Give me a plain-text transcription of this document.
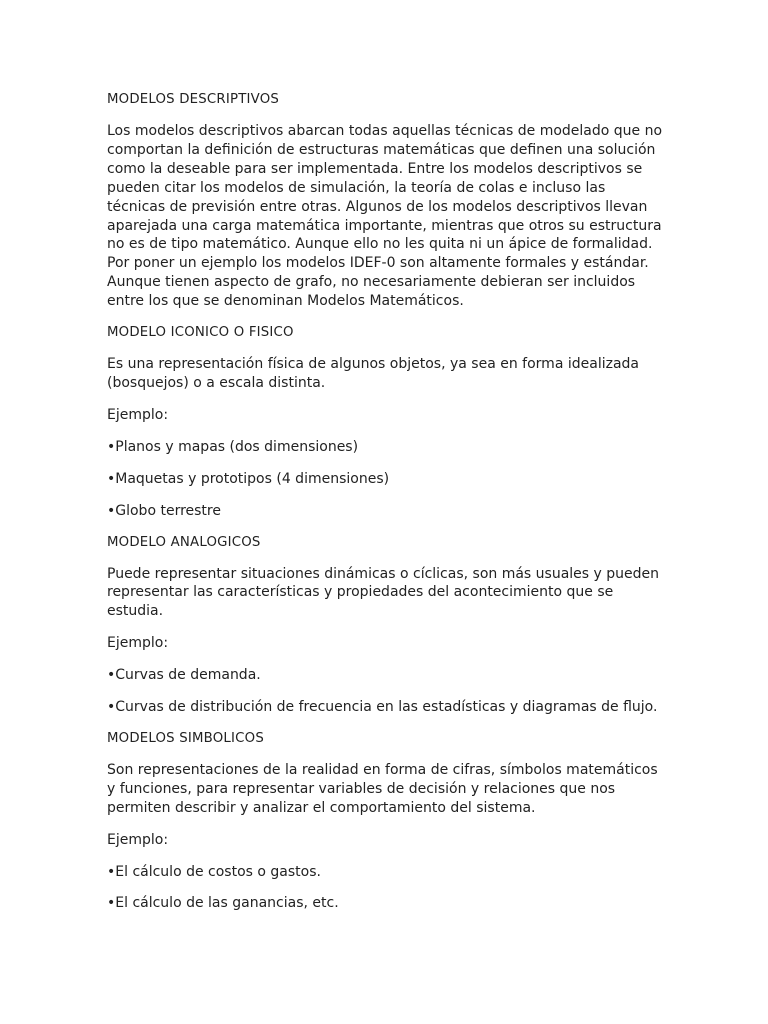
MODELOS DESCRIPTIVOS

Los modelos descriptivos abarcan todas aquellas técnicas de modelado que no comportan la definición de estructuras matemáticas que definen una solución como la deseable para ser implementada. Entre los modelos descriptivos se pueden citar los modelos de simulación, la teoría de colas e incluso las técnicas de previsión entre otras. Algunos de los modelos descriptivos llevan aparejada una carga matemática importante, mientras que otros su estructura no es de tipo matemático. Aunque ello no les quita ni un ápice de formalidad. Por poner un ejemplo los modelos IDEF-0 son altamente formales y estándar. Aunque tienen aspecto de grafo, no necesariamente debieran ser incluidos entre los que se denominan Modelos Matemáticos.

MODELO ICONICO O FISICO

Es una representación física de algunos objetos, ya sea en forma idealizada (bosquejos) o a escala distinta.

Ejemplo:

•Planos y mapas (dos dimensiones)

•Maquetas y prototipos (4 dimensiones)

•Globo terrestre

MODELO ANALOGICOS

Puede representar situaciones dinámicas o cíclicas, son más usuales y pueden representar las características y propiedades del acontecimiento que se estudia.

Ejemplo:

•Curvas de demanda.

•Curvas de distribución de frecuencia en las estadísticas y diagramas de flujo.

MODELOS SIMBOLICOS

Son representaciones de la realidad en forma de cifras, símbolos matemáticos y funciones, para representar variables de decisión y relaciones que nos permiten describir y analizar el comportamiento del sistema.

Ejemplo:

•El cálculo de costos o gastos.

•El cálculo de las ganancias, etc.
